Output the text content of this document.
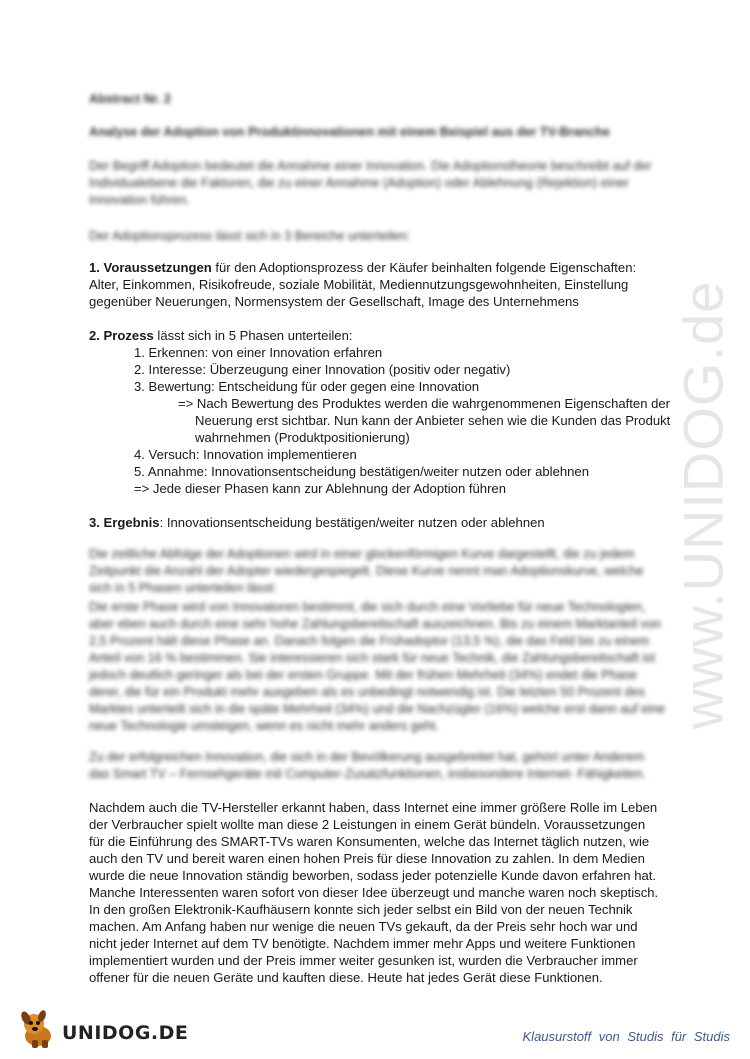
www.UNIDOG.de
Abstract Nr. 2
Analyse der Adoption von Produktinnovationen mit einem Beispiel aus der TV-Branche
Der Begriff Adoption bedeutet die Annahme einer Innovation. Die Adoptionstheorie beschreibt auf der Individualebene die Faktoren, die zu einer Annahme (Adoption) oder Ablehnung (Rejektion) einer Innovation führen.
Der Adoptionsprozess lässt sich in 3 Bereiche unterteilen:
1. Voraussetzungen für den Adoptionsprozess der Käufer beinhalten folgende Eigenschaften: Alter, Einkommen, Risikofreude, soziale Mobilität, Mediennutzungsgewohnheiten, Einstellung gegenüber Neuerungen, Normensystem der Gesellschaft, Image des Unternehmens
2. Prozess lässt sich in 5 Phasen unterteilen:
1. Erkennen: von einer Innovation erfahren
2. Interesse: Überzeugung einer Innovation (positiv oder negativ)
3. Bewertung: Entscheidung für oder gegen eine Innovation
=> Nach Bewertung des Produktes werden die wahrgenommenen Eigenschaften der Neuerung erst sichtbar. Nun kann der Anbieter sehen wie die Kunden das Produkt wahrnehmen (Produktpositionierung)
4. Versuch: Innovation implementieren
5. Annahme: Innovationsentscheidung bestätigen/weiter nutzen oder ablehnen
=> Jede dieser Phasen kann zur Ablehnung der Adoption führen
3. Ergebnis: Innovationsentscheidung bestätigen/weiter nutzen oder ablehnen
Die zeitliche Abfolge der Adoptionen wird in einer glockenförmigen Kurve dargestellt, die zu jedem Zeitpunkt die Anzahl der Adopter wiedergespiegelt. Diese Kurve nennt man Adoptionskurve, welche sich in 5 Phasen unterteilen lässt:
Die erste Phase wird von Innovatoren bestimmt, die sich durch eine Vorliebe für neue Technologien, aber eben auch durch eine sehr hohe Zahlungsbereitschaft auszeichnen. Bis zu einem Marktanteil von 2,5 Prozent hält diese Phase an. Danach folgen die Frühadoptor (13,5 %), die das Feld bis zu einem Anteil von 16 % bestimmen. Sie interessieren sich stark für neue Technik, die Zahlungsbereitschaft ist jedoch deutlich geringer als bei der ersten Gruppe. Mit der frühen Mehrheit (34%) endet die Phase derer, die für ein Produkt mehr ausgeben als es unbedingt notwendig ist. Die letzten 50 Prozent des Marktes unterteilt sich in die späte Mehrheit (34%) und die Nachzügler (16%) welche erst dann auf eine neue Technologie umsteigen, wenn es nicht mehr anders geht.
Zu der erfolgreichen Innovation, die sich in der Bevölkerung ausgebreitet hat, gehört unter Anderem das Smart TV – Fernsehgeräte mit Computer-Zusatzfunktionen, insbesondere Internet- Fähigkeiten.
Nachdem auch die TV-Hersteller erkannt haben, dass Internet eine immer größere Rolle im Leben der Verbraucher spielt wollte man diese 2 Leistungen in einem Gerät bündeln. Voraussetzungen für die Einführung des SMART-TVs waren Konsumenten, welche das Internet täglich nutzen, wie auch den TV und bereit waren einen hohen Preis für diese Innovation zu zahlen. In dem Medien wurde die neue Innovation ständig beworben, sodass jeder potenzielle Kunde davon erfahren hat. Manche Interessenten waren sofort von dieser Idee überzeugt und manche waren noch skeptisch. In den großen Elektronik-Kaufhäusern konnte sich jeder selbst ein Bild von der neuen Technik machen. Am Anfang haben nur wenige die neuen TVs gekauft, da der Preis sehr hoch war und nicht jeder Internet auf dem TV benötigte. Nachdem immer mehr Apps und weitere Funktionen implementiert wurden und der Preis immer weiter gesunken ist, wurden die Verbraucher immer offener für die neuen Geräte und kauften diese. Heute hat jedes Gerät diese Funktionen.
UNIDOG.DE	Klausurstoff von Studis für Studis
